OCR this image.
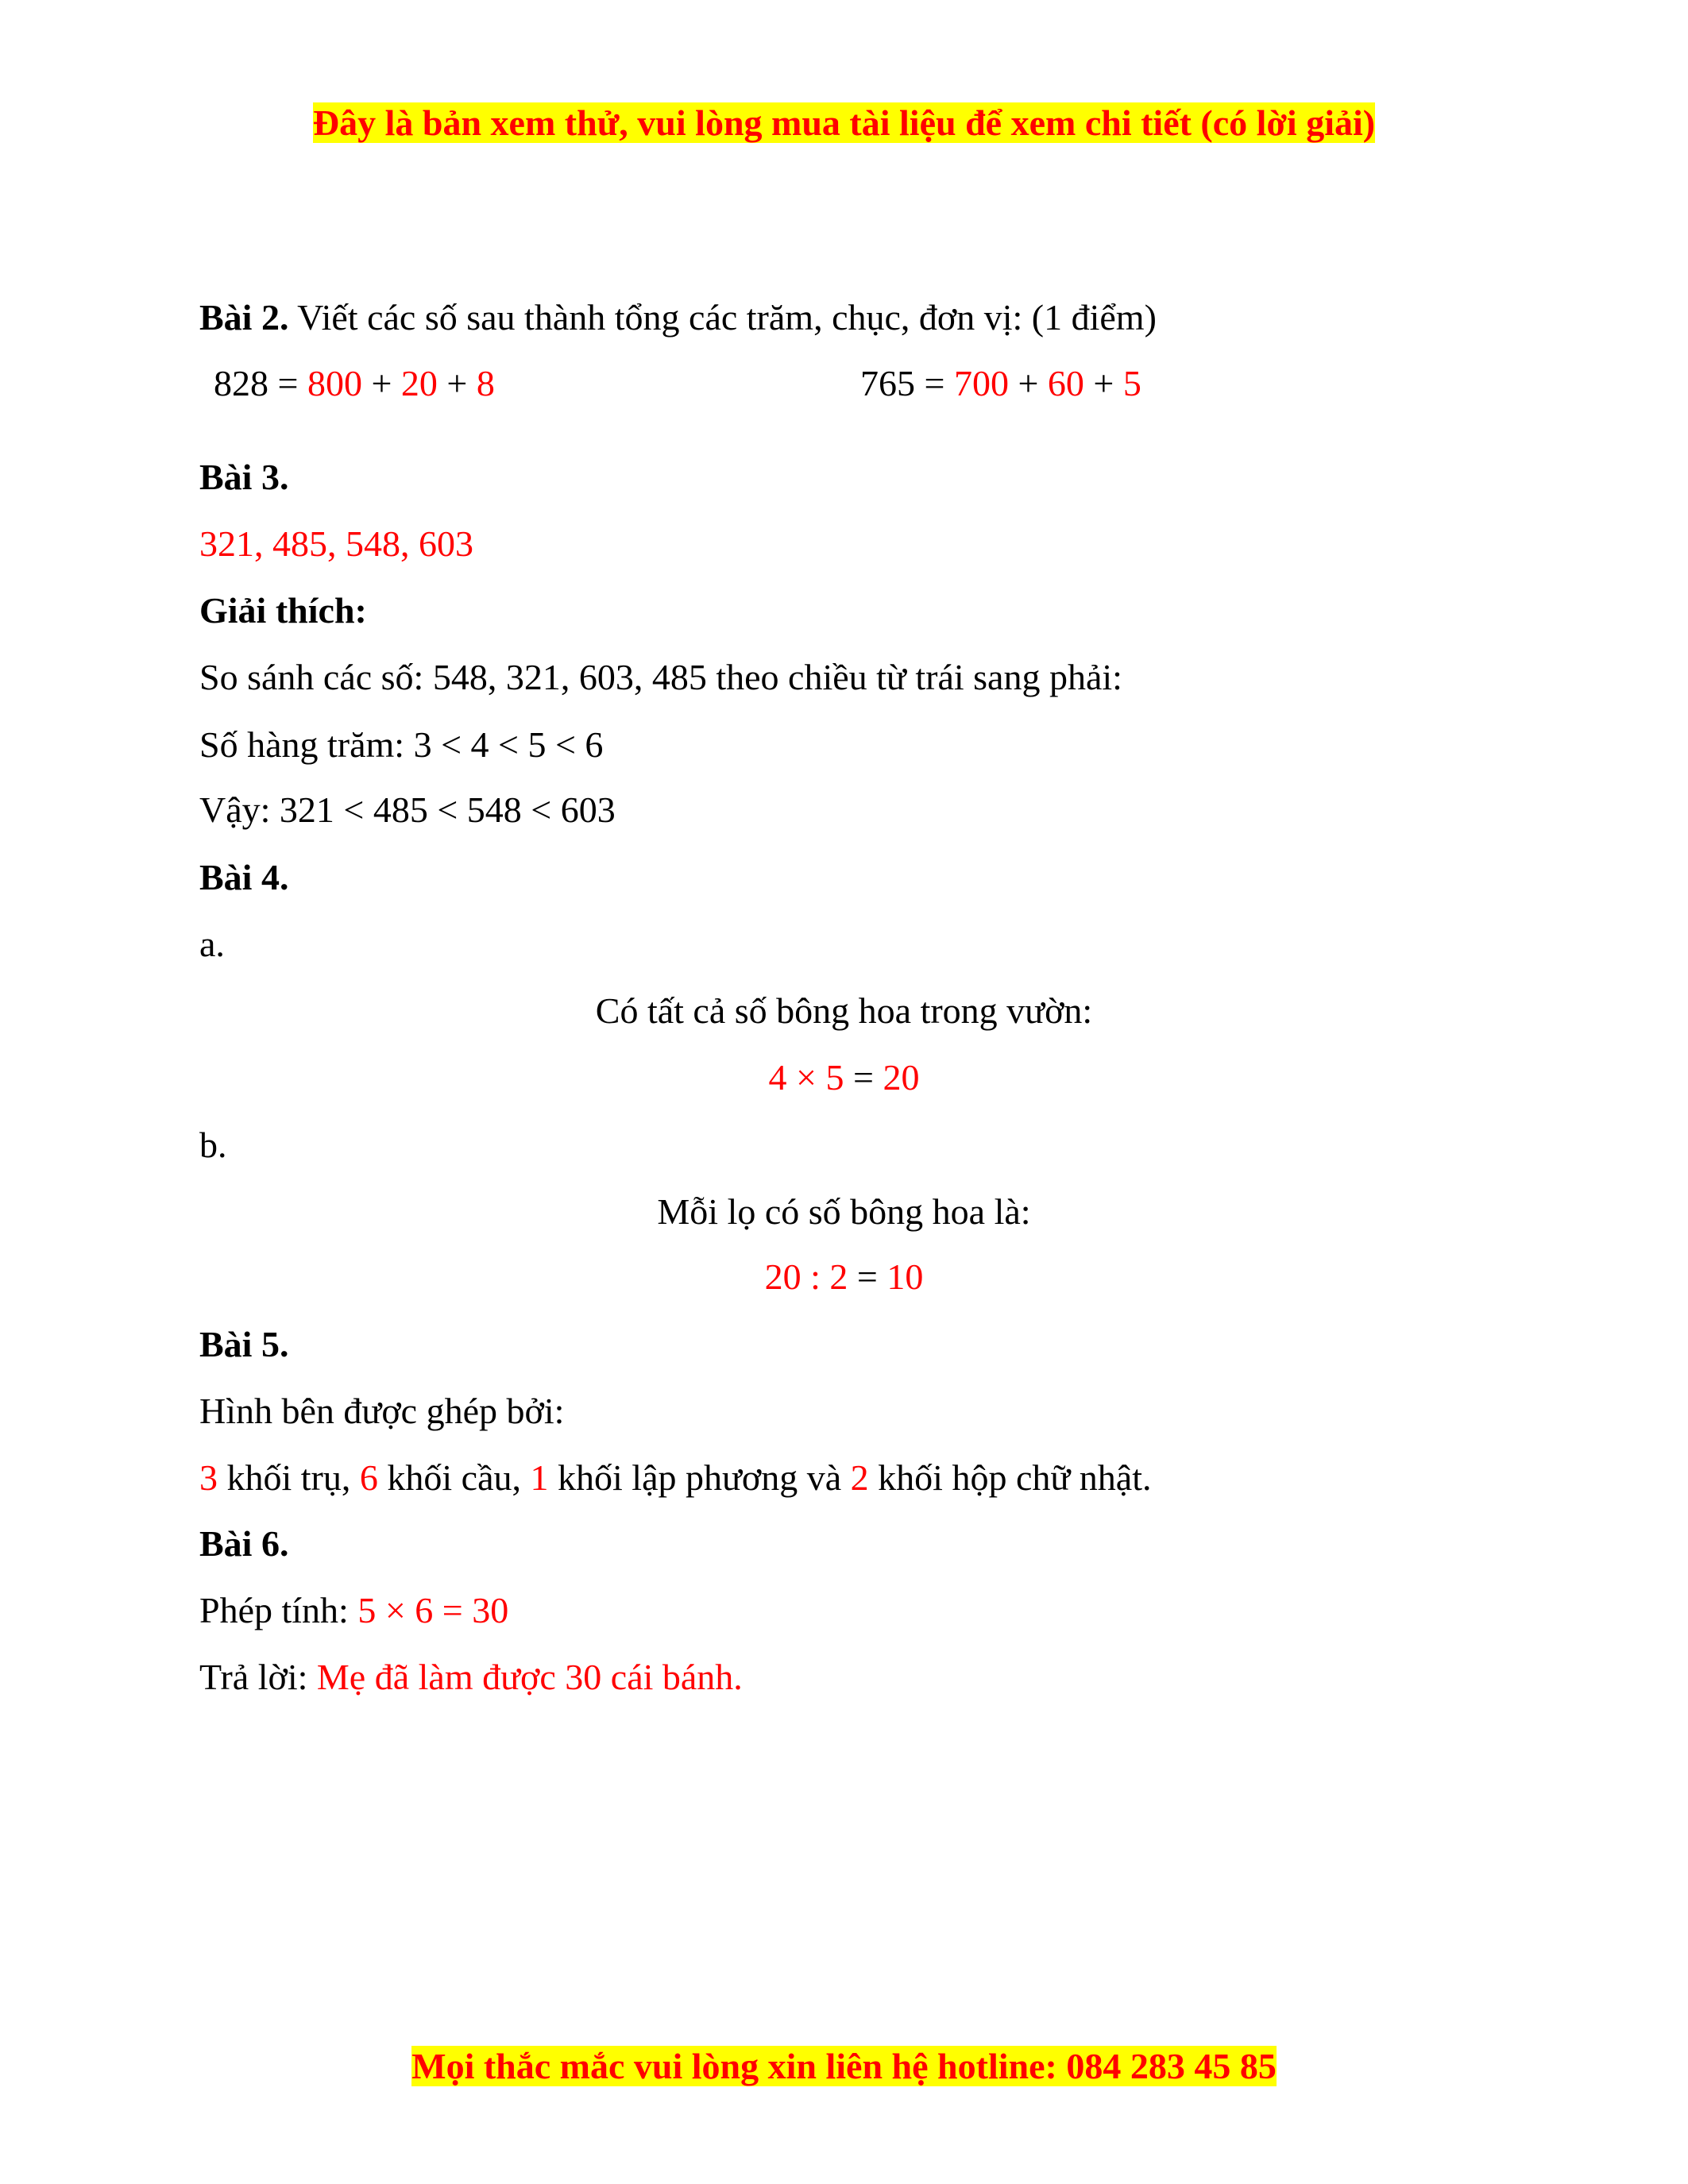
Đây là bản xem thử, vui lòng mua tài liệu để xem chi tiết (có lời giải)
Bài 2. Viết các số sau thành tổng các trăm, chục, đơn vị: (1 điểm)
828 = 800 + 20 + 8	765 = 700 + 60 + 5
Bài 3.
321, 485, 548, 603
Giải thích:
So sánh các số: 548, 321, 603, 485 theo chiều từ trái sang phải:
Số hàng trăm: 3 < 4 < 5 < 6
Vậy: 321 < 485 < 548 < 603
Bài 4.
a.
Có tất cả số bông hoa trong vườn:
4 × 5 = 20
b.
Mỗi lọ có số bông hoa là:
20 : 2 = 10
Bài 5.
Hình bên được ghép bởi:
3 khối trụ, 6 khối cầu, 1 khối lập phương và 2 khối hộp chữ nhật.
Bài 6.
Phép tính: 5 × 6 = 30
Trả lời: Mẹ đã làm được 30 cái bánh.
Mọi thắc mắc vui lòng xin liên hệ hotline: 084 283 45 85
